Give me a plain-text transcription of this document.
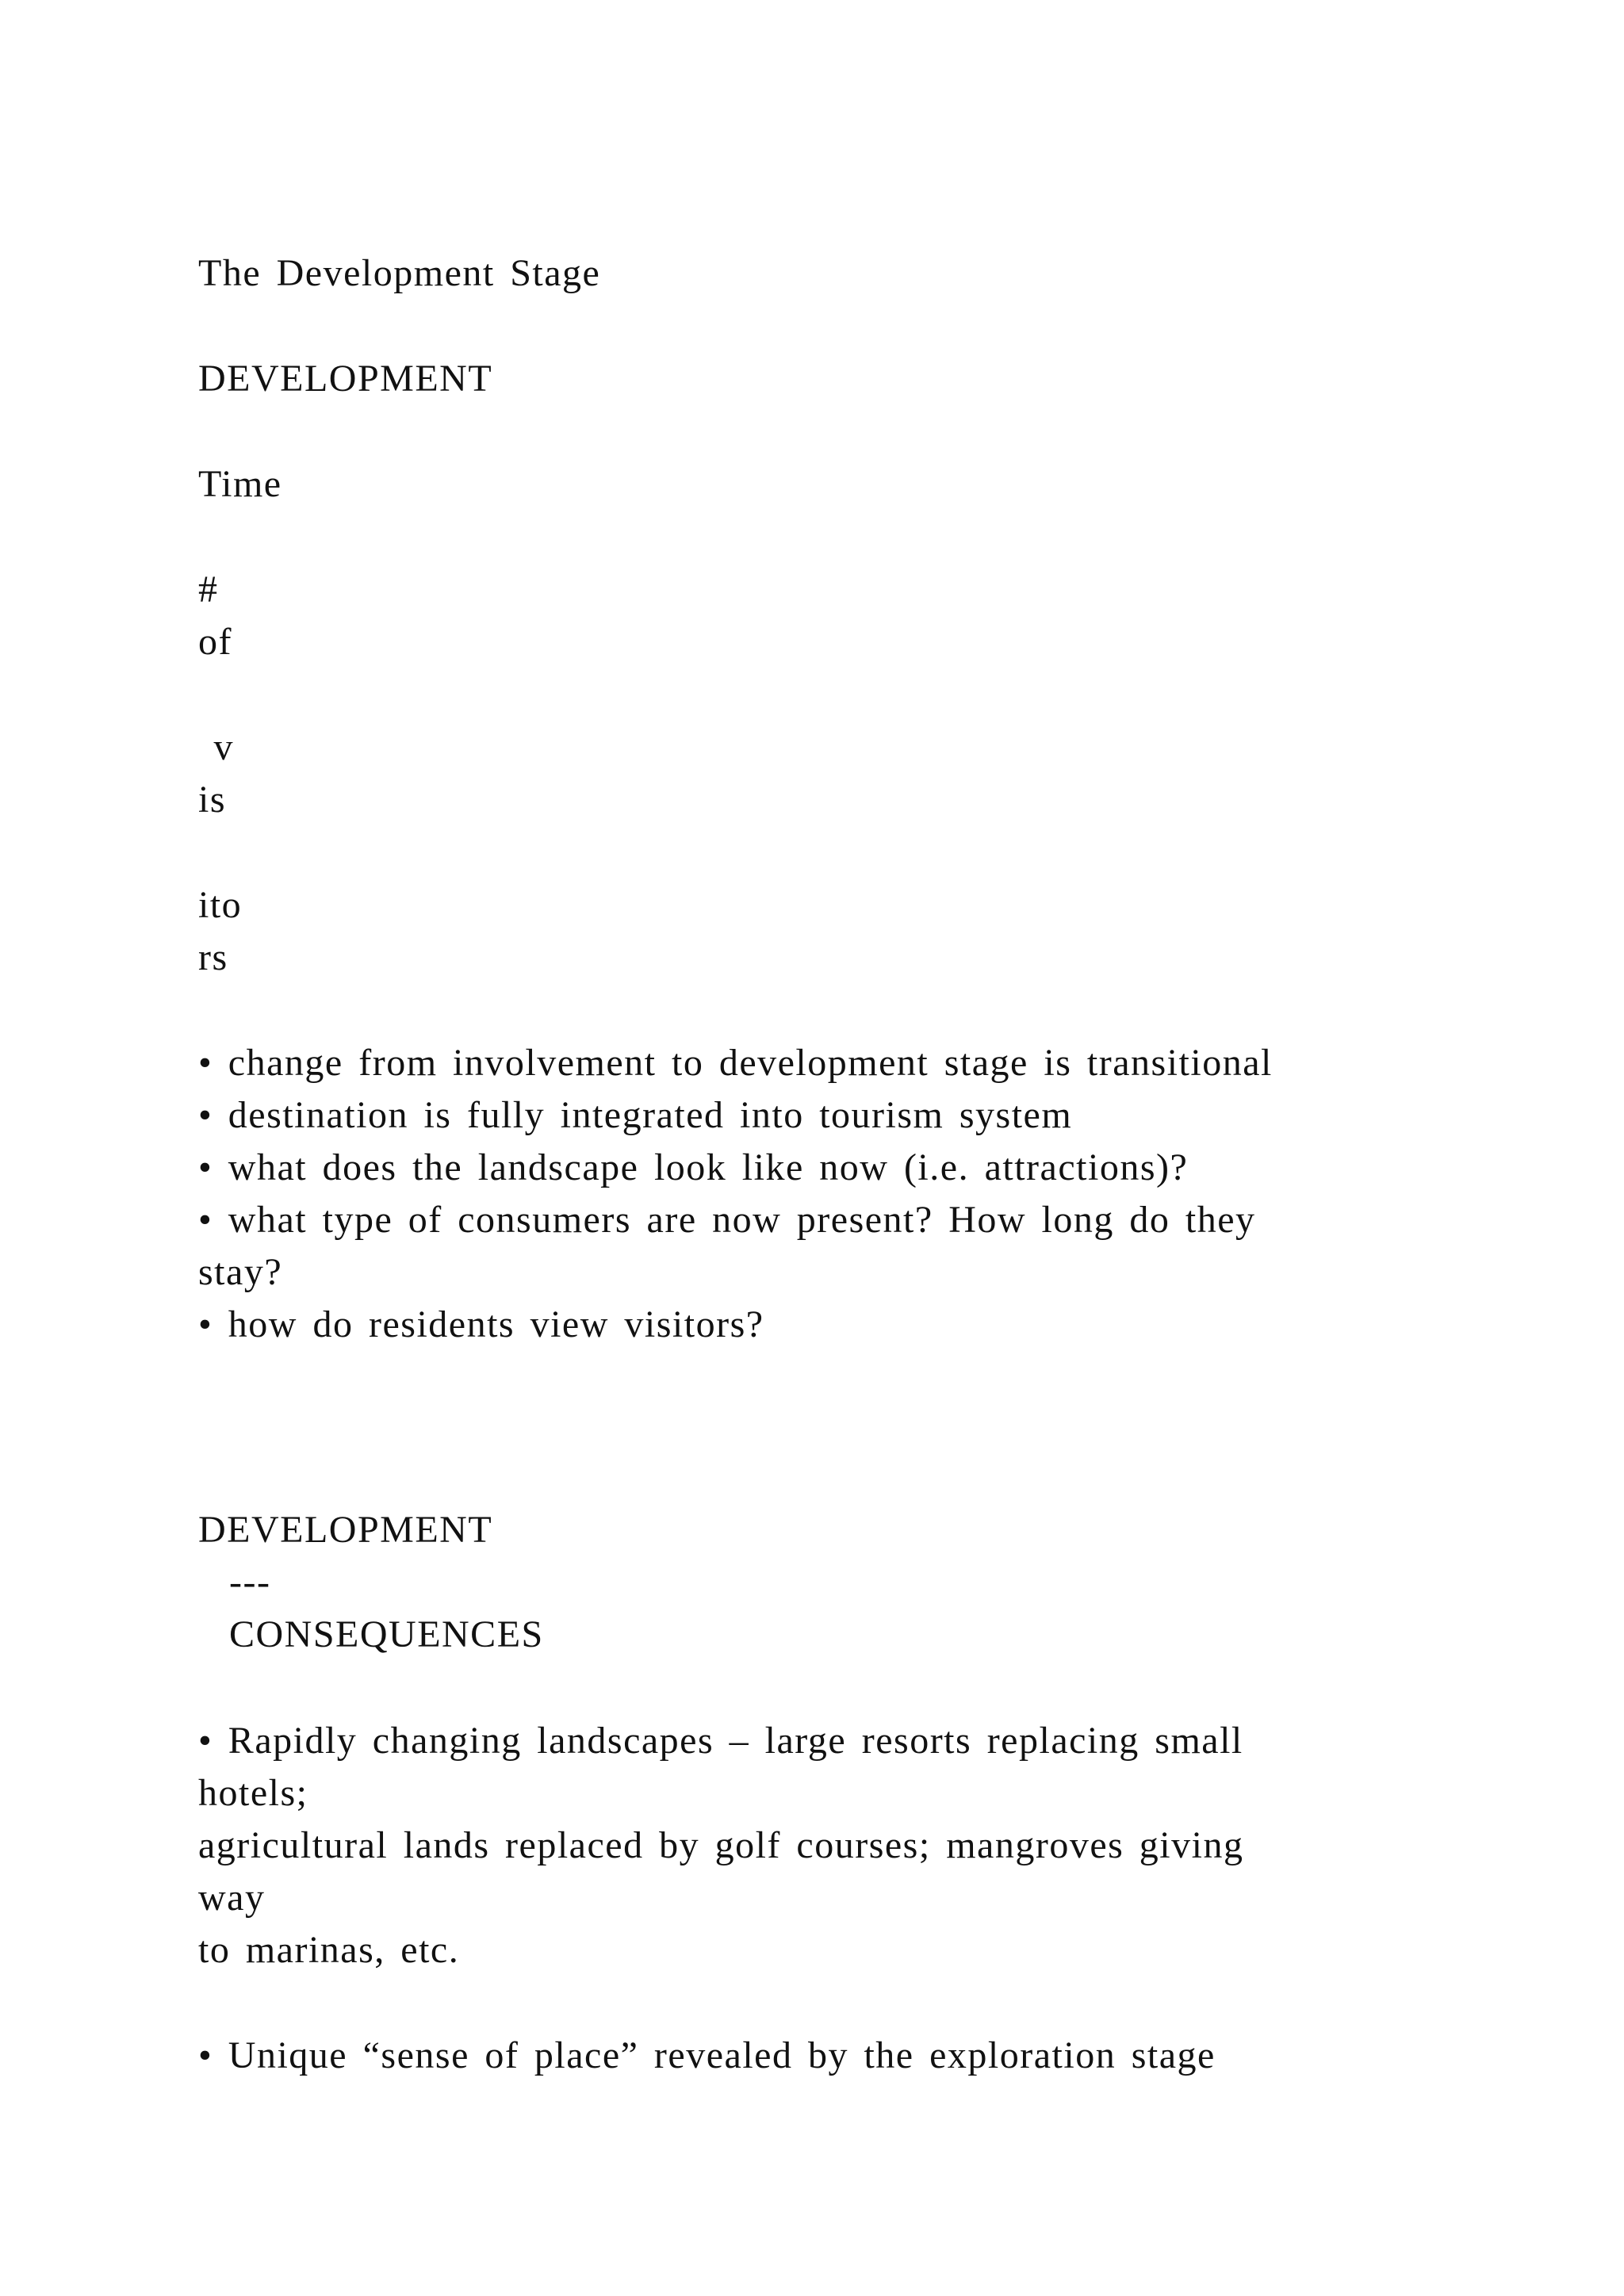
The Development Stage
DEVELOPMENT
Time
#
of
v
is
ito
rs
• change from involvement to development stage is transitional
• destination is fully integrated into tourism system
• what does the landscape look like now (i.e. attractions)?
• what type of consumers are now present? How long do they
stay?
• how do residents view visitors?
DEVELOPMENT
---
CONSEQUENCES
• Rapidly changing landscapes – large resorts replacing small
hotels;
agricultural lands replaced by golf courses; mangroves giving
way
to marinas, etc.
• Unique “sense of place” revealed by the exploration stage
